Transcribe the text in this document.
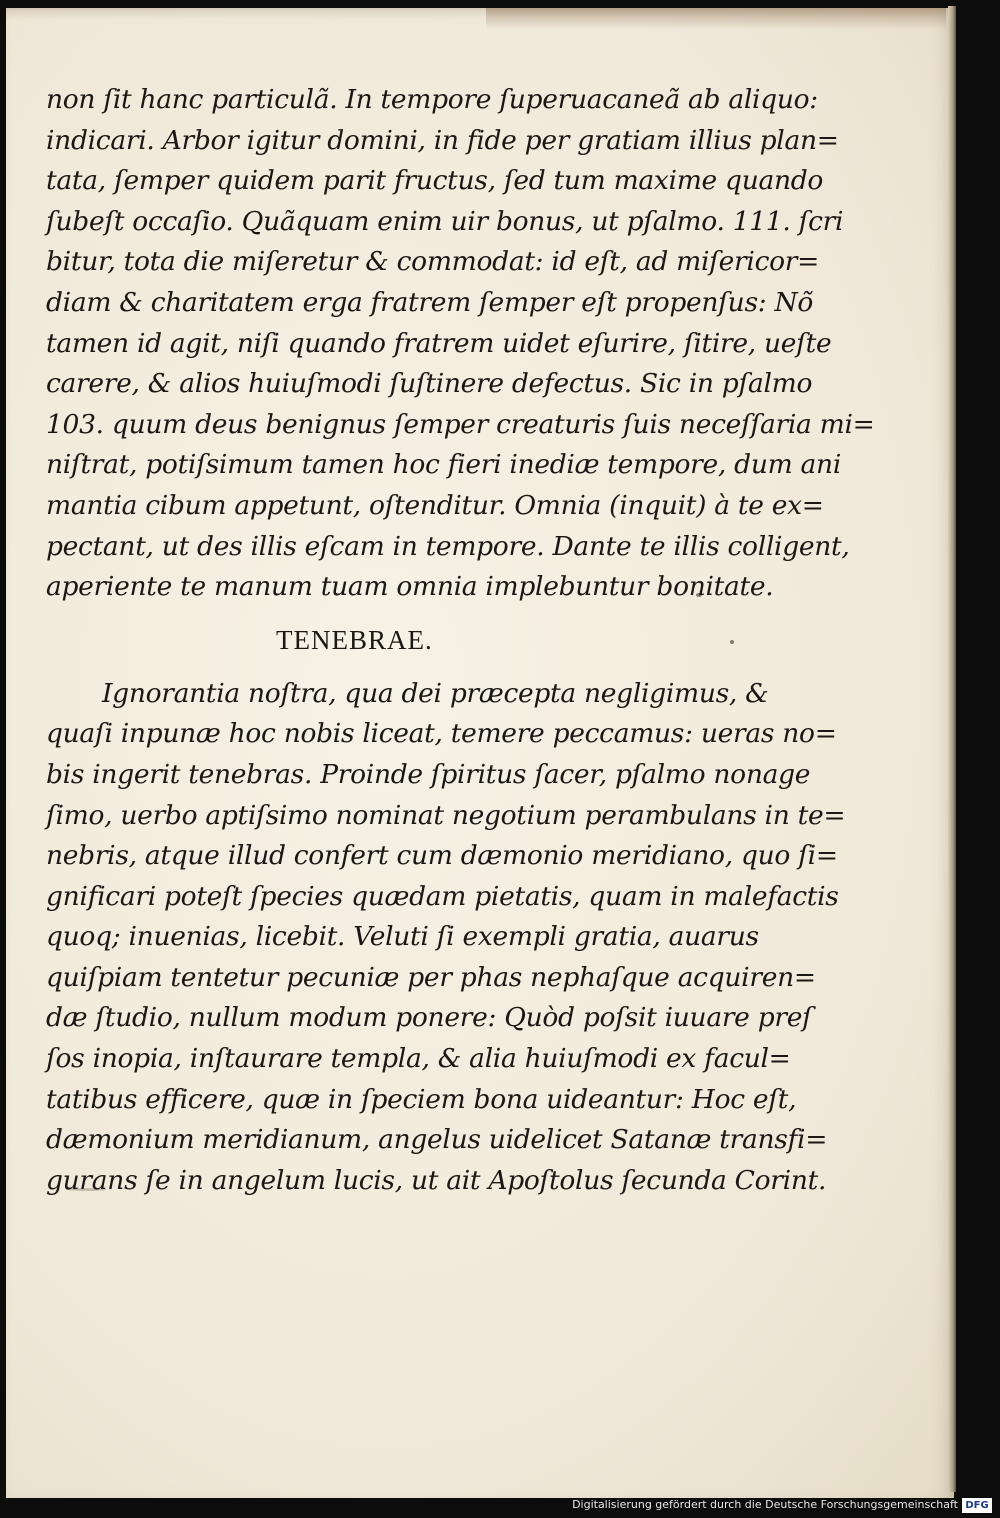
non ſit hanc particulã. In tempore ſuperuacaneã ab aliquo:
indicari. Arbor igitur domini, in fide per gratiam illius plan=
tata, ſemper quidem parit fructus, ſed tum maxime quando
ſubeſt occaſio. Quãquam enim uir bonus, ut pſalmo. 111. ſcri
bitur, tota die miſeretur & commodat: id eſt, ad miſericor=
diam & charitatem erga fratrem ſemper eſt propenſus: Nõ
tamen id agit, niſi quando fratrem uidet eſurire, ſitire, ueſte
carere, & alios huiuſmodi ſuſtinere defectus. Sic in pſalmo
103. quum deus benignus ſemper creaturis ſuis neceſſaria mi=
niſtrat, potiſsimum tamen hoc fieri inediæ tempore, dum ani
mantia cibum appetunt, oſtenditur. Omnia (inquit) à te ex=
pectant, ut des illis eſcam in tempore. Dante te illis colligent,
aperiente te manum tuam omnia implebuntur bonitate.
TENEBRAE.
Ignorantia noſtra, qua dei præcepta negligimus, &
quaſi inpunæ hoc nobis liceat, temere peccamus: ueras no=
bis ingerit tenebras. Proinde ſpiritus ſacer, pſalmo nonage
ſimo, uerbo aptiſsimo nominat negotium perambulans in te=
nebris, atque illud confert cum dæmonio meridiano, quo ſi=
gnificari poteſt ſpecies quædam pietatis, quam in malefactis
quoq; inuenias, licebit. Veluti ſi exempli gratia, auarus
quiſpiam tentetur pecuniæ per phas nephaſque acquiren=
dæ ſtudio, nullum modum ponere: Quòd poſsit iuuare preſ
ſos inopia, inſtaurare templa, & alia huiuſmodi ex facul=
tatibus efficere, quæ in ſpeciem bona uideantur: Hoc eſt,
dæmonium meridianum, angelus uidelicet Satanæ transfi=
gurans ſe in angelum lucis, ut ait Apoſtolus ſecunda Corint.
Digitalisierung gefördert durch die Deutsche Forschungsgemeinschaft DFG
